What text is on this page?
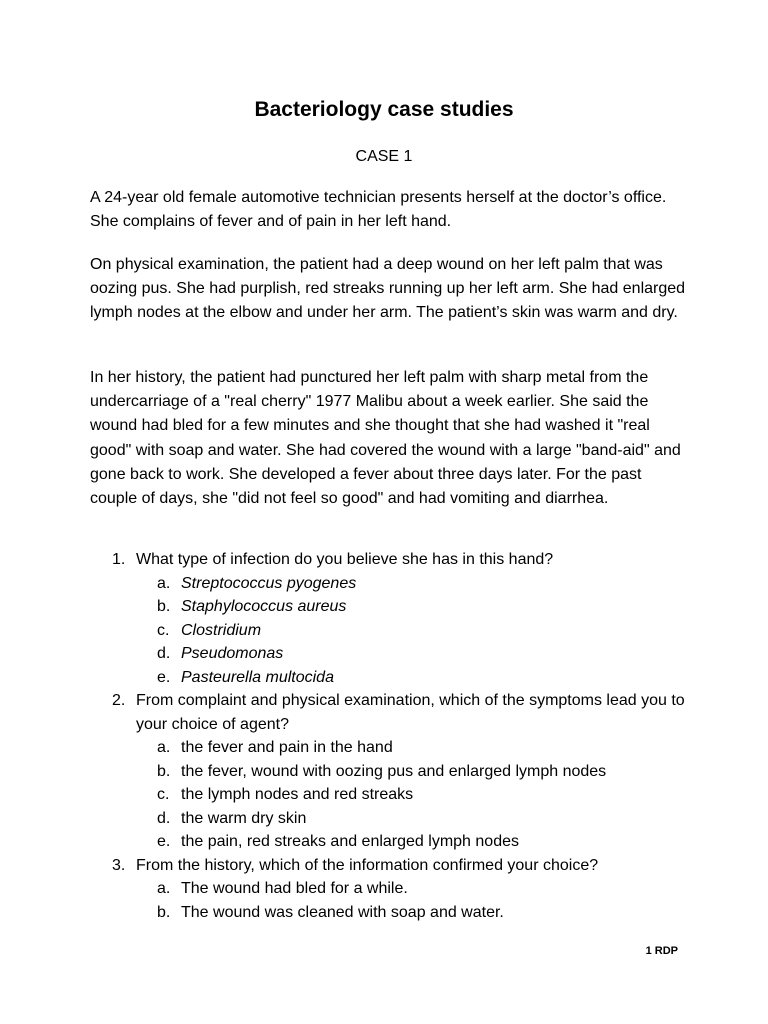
Bacteriology case studies

CASE 1

A 24-year old female automotive technician presents herself at the doctor’s office. She complains of fever and of pain in her left hand.

On physical examination, the patient had a deep wound on her left palm that was oozing pus. She had purplish, red streaks running up her left arm. She had enlarged lymph nodes at the elbow and under her arm. The patient’s skin was warm and dry.

In her history, the patient had punctured her left palm with sharp metal from the undercarriage of a "real cherry" 1977 Malibu about a week earlier. She said the wound had bled for a few minutes and she thought that she had washed it "real good" with soap and water. She had covered the wound with a large "band-aid" and gone back to work. She developed a fever about three days later. For the past couple of days, she "did not feel so good" and had vomiting and diarrhea.

1. What type of infection do you believe she has in this hand?
a. Streptococcus pyogenes
b. Staphylococcus aureus
c. Clostridium
d. Pseudomonas
e. Pasteurella multocida
2. From complaint and physical examination, which of the symptoms lead you to your choice of agent?
a. the fever and pain in the hand
b. the fever, wound with oozing pus and enlarged lymph nodes
c. the lymph nodes and red streaks
d. the warm dry skin
e. the pain, red streaks and enlarged lymph nodes
3. From the history, which of the information confirmed your choice?
a. The wound had bled for a while.
b. The wound was cleaned with soap and water.

1 RDP
